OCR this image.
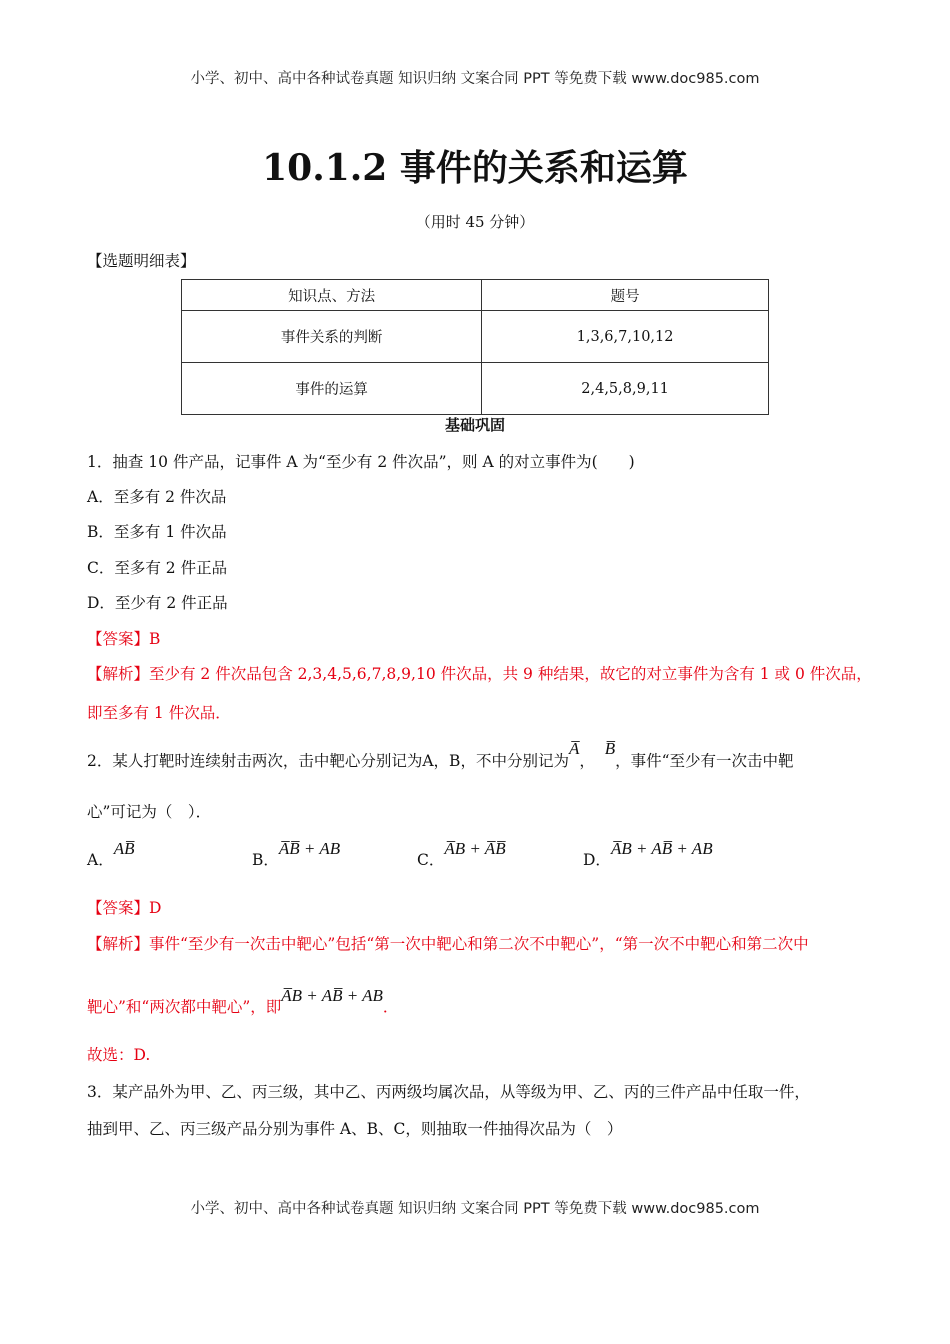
小学、初中、高中各种试卷真题 知识归纳 文案合同 PPT 等免费下载 www.doc985.com
10.1.2 事件的关系和运算
（用时 45 分钟）
【选题明细表】
知识点、方法	题号
事件关系的判断	1,3,6,7,10,12
事件的运算	2,4,5,8,9,11
基础巩固
1．抽查 10 件产品，记事件 A 为“至少有 2 件次品”，则 A 的对立事件为(　　)
A．至多有 2 件次品
B．至多有 1 件次品
C．至多有 2 件正品
D．至少有 2 件正品
【答案】B
【解析】至少有 2 件次品包含 2,3,4,5,6,7,8,9,10 件次品，共 9 种结果，故它的对立事件为含有 1 或 0 件次品，
即至多有 1 件次品．
2．某人打靶时连续射击两次，击中靶心分别记为A，B，不中分别记为A̅，  B̅，事件“至少有一次击中靶
心”可记为（　）．
A．AB̅
B．A̅B̅ + AB
C．A̅B + A̅B̅
D．A̅B + AB̅ + AB
【答案】D
【解析】事件“至少有一次击中靶心”包括“第一次中靶心和第二次不中靶心”，“第一次不中靶心和第二次中
靶心”和“两次都中靶心”，即A̅B + AB̅ + AB．
故选：D.
3．某产品外为甲、乙、丙三级，其中乙、丙两级均属次品，从等级为甲、乙、丙的三件产品中任取一件，
抽到甲、乙、丙三级产品分别为事件 A、B、C，则抽取一件抽得次品为（　）
小学、初中、高中各种试卷真题 知识归纳 文案合同 PPT 等免费下载 www.doc985.com
